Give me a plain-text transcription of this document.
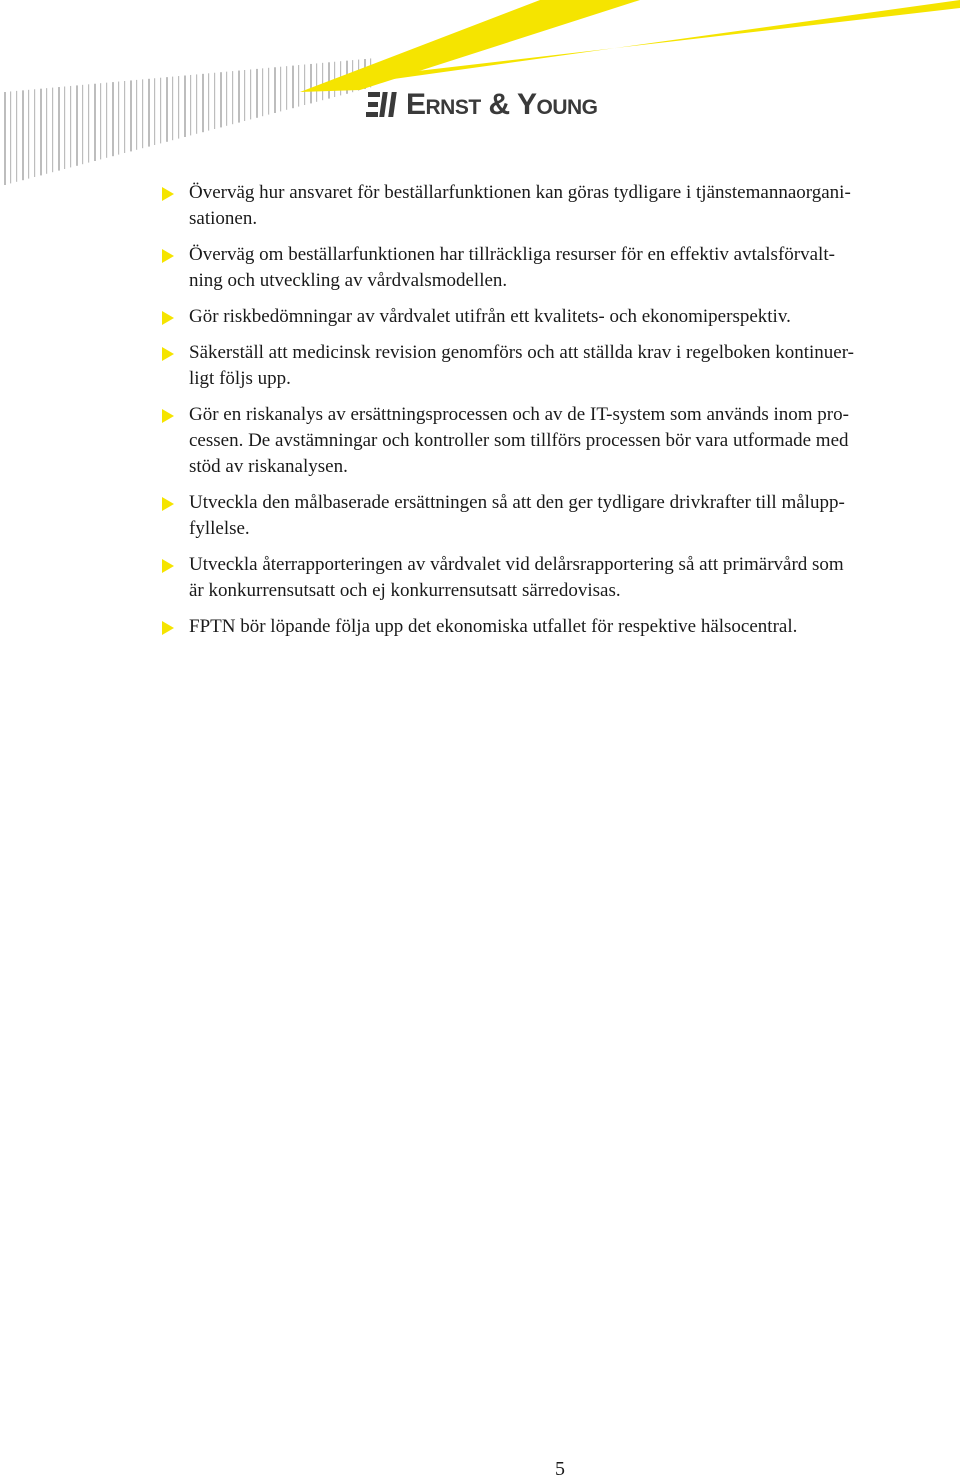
Ernst & Young
Överväg hur ansvaret för beställarfunktionen kan göras tydligare i tjänstemannaorgani-
sationen.
Överväg om beställarfunktionen har tillräckliga resurser för en effektiv avtalsförvalt-
ning och utveckling av vårdvalsmodellen.
Gör riskbedömningar av vårdvalet utifrån ett kvalitets- och ekonomiperspektiv.
Säkerställ att medicinsk revision genomförs och att ställda krav i regelboken kontinuer-
ligt följs upp.
Gör en riskanalys av ersättningsprocessen och av de IT-system som används inom pro-
cessen. De avstämningar och kontroller som tillförs processen bör vara utformade med
stöd av riskanalysen.
Utveckla den målbaserade ersättningen så att den ger tydligare drivkrafter till målupp-
fyllelse.
Utveckla återrapporteringen av vårdvalet vid delårsrapportering så att primärvård som
är konkurrensutsatt och ej konkurrensutsatt särredovisas.
FPTN bör löpande följa upp det ekonomiska utfallet för respektive hälsocentral.
5
